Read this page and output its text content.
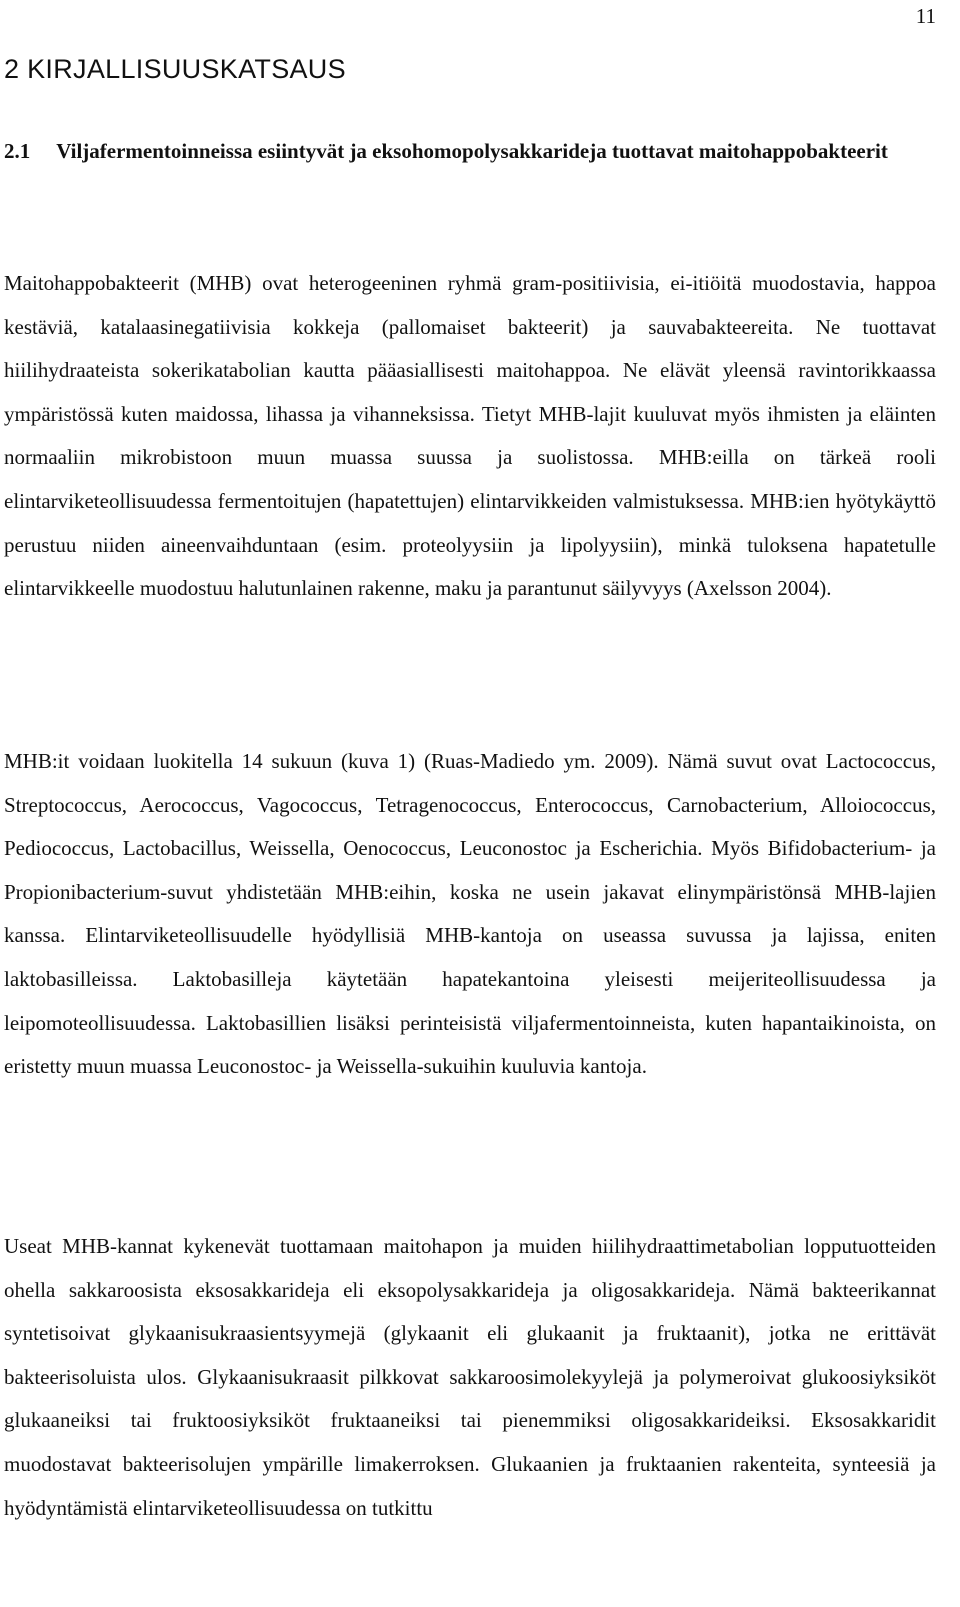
11
2 KIRJALLISUUSKATSAUS
2.1 Viljafermentoinneissa esiintyvät ja eksohomopolysakkarideja tuottavat maitohappobakteerit

Maitohappobakteerit (MHB) ovat heterogeeninen ryhmä gram-positiivisia, ei-itiöitä muodostavia, happoa kestäviä, katalaasinegatiivisia kokkeja (pallomaiset bakteerit) ja sauvabakteereita. Ne tuottavat hiilihydraateista sokerikatabolian kautta pääasiallisesti maitohappoa. Ne elävät yleensä ravintorikkaassa ympäristössä kuten maidossa, lihassa ja vihanneksissa. Tietyt MHB-lajit kuuluvat myös ihmisten ja eläinten normaaliin mikrobistoon muun muassa suussa ja suolistossa. MHB:eilla on tärkeä rooli elintarviketeollisuudessa fermentoitujen (hapatettujen) elintarvikkeiden valmistuksessa. MHB:ien hyötykäyttö perustuu niiden aineenvaihduntaan (esim. proteolyysiin ja lipolyysiin), minkä tuloksena hapatetulle elintarvikkeelle muodostuu halutunlainen rakenne, maku ja parantunut säilyvyys (Axelsson 2004).

MHB:it voidaan luokitella 14 sukuun (kuva 1) (Ruas-Madiedo ym. 2009). Nämä suvut ovat Lactococcus, Streptococcus, Aerococcus, Vagococcus, Tetragenococcus, Enterococcus, Carnobacterium, Alloiococcus, Pediococcus, Lactobacillus, Weissella, Oenococcus, Leuconostoc ja Escherichia. Myös Bifidobacterium- ja Propionibacterium-suvut yhdistetään MHB:eihin, koska ne usein jakavat elinympäristönsä MHB-lajien kanssa. Elintarviketeollisuudelle hyödyllisiä MHB-kantoja on useassa suvussa ja lajissa, eniten laktobasilleissa. Laktobasilleja käytetään hapatekantoina yleisesti meijeriteollisuudessa ja leipomoteollisuudessa. Laktobasillien lisäksi perinteisistä viljafermentoinneista, kuten hapantaikinoista, on eristetty muun muassa Leuconostoc- ja Weissella-sukuihin kuuluvia kantoja.

Useat MHB-kannat kykenevät tuottamaan maitohapon ja muiden hiilihydraattimetabolian lopputuotteiden ohella sakkaroosista eksosakkarideja eli eksopolysakkarideja ja oligosakkarideja. Nämä bakteerikannat syntetisoivat glykaanisukraasientsyymejä (glykaanit eli glukaanit ja fruktaanit), jotka ne erittävät bakteerisoluista ulos. Glykaanisukraasit pilkkovat sakkaroosimolekyylejä ja polymeroivat glukoosiyksiköt glukaaneiksi tai fruktoosiyksiköt fruktaaneiksi tai pienemmiksi oligosakkarideiksi. Eksosakkaridit muodostavat bakteerisolujen ympärille limakerroksen. Glukaanien ja fruktaanien rakenteita, synteesiä ja hyödyntämistä elintarviketeollisuudessa on tutkittu
